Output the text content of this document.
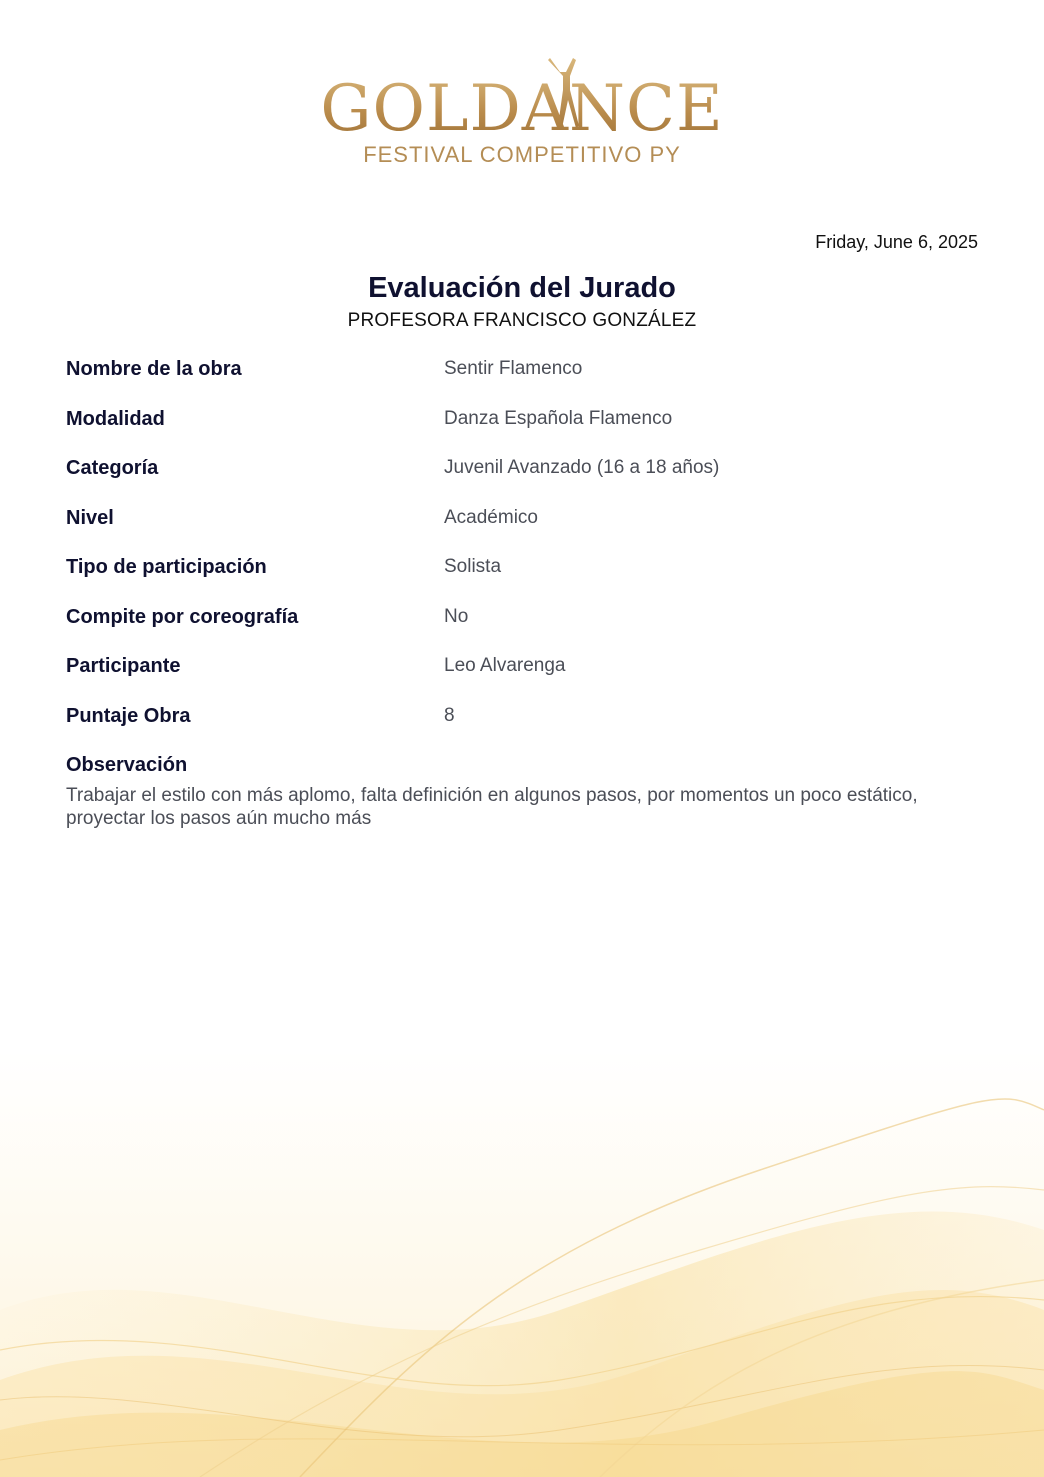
GOLDANCE
FESTIVAL COMPETITIVO PY
Friday, June 6, 2025
Evaluación del Jurado
PROFESORA FRANCISCO GONZÁLEZ
Nombre de la obra	Sentir Flamenco
Modalidad	Danza Española Flamenco
Categoría	Juvenil Avanzado (16 a 18 años)
Nivel	Académico
Tipo de participación	Solista
Compite por coreografía	No
Participante	Leo Alvarenga
Puntaje Obra	8
Observación
Trabajar el estilo con más aplomo, falta definición en algunos pasos, por momentos un poco estático, proyectar los pasos aún mucho más
